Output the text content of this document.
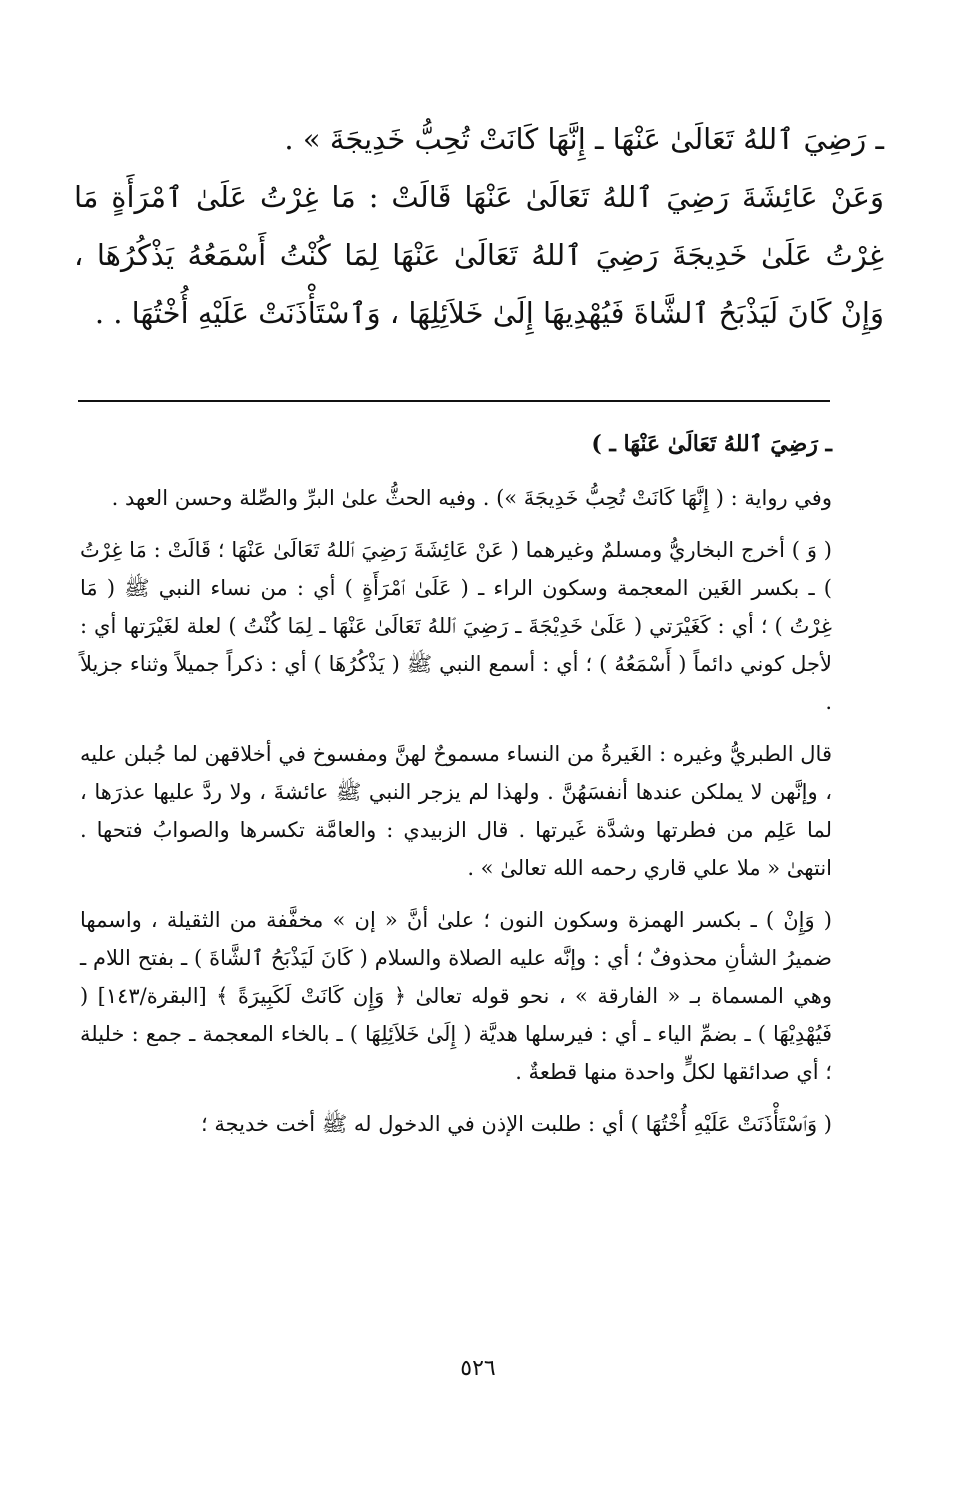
ـ رَضِيَ ٱللهُ تَعَالَىٰ عَنْهَا ـ إِنَّهَا كَانَتْ تُحِبُّ خَدِيجَةَ » .

وَعَنْ عَائِشَةَ رَضِيَ ٱللهُ تَعَالَىٰ عَنْهَا قَالَتْ : مَا غِرْتُ عَلَىٰ ٱمْرَأَةٍ مَا غِرْتُ عَلَىٰ خَدِيجَةَ رَضِيَ ٱللهُ تَعَالَىٰ عَنْهَا لِمَا كُنْتُ أَسْمَعُهُ يَذْكُرُهَا ، وَإِنْ كَانَ لَيَذْبَحُ ٱلشَّاةَ فَيُهْدِيهَا إِلَىٰ خَلاَئِلِهَا ، وَٱسْتَأْذَنَتْ عَلَيْهِ أُخْتُهَا . .

ـ رَضِيَ ٱللهُ تَعَالَىٰ عَنْهَا ـ )

وفي رواية : ( إِنَّهَا كَانَتْ تُحِبُّ خَدِيجَةَ ») . وفيه الحثُّ علىٰ البرِّ والصِّلة وحسن العهد .

( وَ ) أخرج البخاريُّ ومسلمٌ وغيرهما ( عَنْ عَائِشَةَ رَضِيَ ٱللهُ تَعَالَىٰ عَنْهَا ؛ قَالَتْ : مَا غِرْتُ ) ـ بكسر الغَين المعجمة وسكون الراء ـ ( عَلَىٰ ٱمْرَأَةٍ ) أي : من نساء النبي ﷺ ( مَا غِرْتُ ) ؛ أي : كَغَيْرَتي ( عَلَىٰ خَدِيْجَةَ ـ رَضِيَ ٱللهُ تَعَالَىٰ عَنْهَا ـ لِمَا كُنْتُ ) لعلة لغَيْرَتها أي : لأجل كوني دائماً ( أَسْمَعُهُ ) ؛ أي : أسمع النبي ﷺ ( يَذْكُرُهَا ) أي : ذكراً جميلاً وثناء جزيلاً .

قال الطبريُّ وغيره : الغَيرةُ من النساء مسموحٌ لهنَّ ومفسوخ في أخلاقهن لما جُبلن عليه ، وإنَّهن لا يملكن عندها أنفسَهُنَّ . ولهذا لم يزجر النبي ﷺ عائشةَ ، ولا ردَّ عليها عذرَها ، لما عَلِم من فطرتها وشدَّة غَيرتها . قال الزبيدي : والعامَّة تكسرها والصوابُ فتحها . انتهىٰ « ملا علي قاري رحمه الله تعالىٰ » .

( وَإِنْ ) ـ بكسر الهمزة وسكون النون ؛ علىٰ أنَّ « إن » مخفَّفة من الثقيلة ، واسمها ضميرُ الشأنِ محذوفٌ ؛ أي : وإنَّه عليه الصلاة والسلام ( كَانَ لَيَذْبَحُ ٱلشَّاةَ ) ـ بفتح اللام ـ وهي المسماة بـ « الفارقة » ، نحو قوله تعالىٰ ﴿ وَإِن كَانَتْ لَكَبِيرَةً ﴾ [البقرة/١٤٣] ( فَيُهْدِيْهَا ) ـ بضمِّ الياء ـ أي : فيرسلها هديَّة ( إِلَىٰ خَلاَئِلِهَا ) ـ بالخاء المعجمة ـ جمع : خليلة ؛ أي صدائقها لكلٍّ واحدة منها قطعةٌ .

( وَٱسْتَأْذَنَتْ عَلَيْهِ أُخْتُهَا ) أي : طلبت الإذن في الدخول له ﷺ أخت خديجة ؛

٥٢٦
